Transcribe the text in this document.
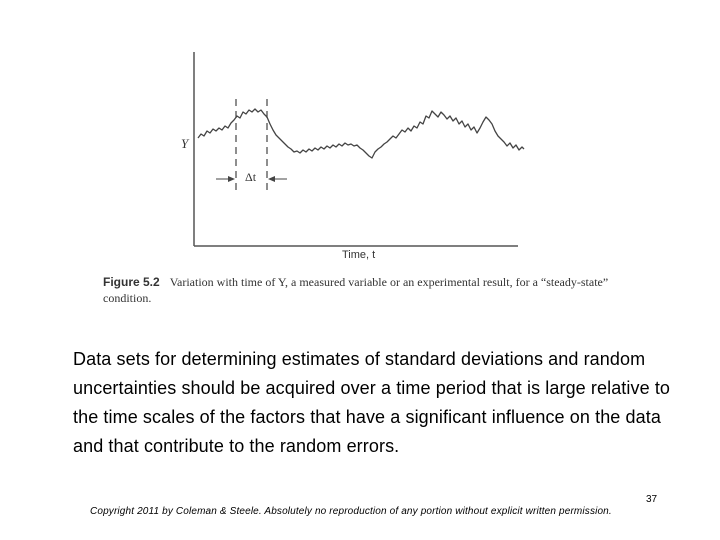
Y
Δt
Time, t
Figure 5.2 Variation with time of Y, a measured variable or an experimental result, for a “steady-state” condition.
Data sets for determining estimates of standard deviations and random uncertainties should be acquired over a time period that is large relative to the time scales of the factors that have a significant influence on the data and that contribute to the random errors.
37
Copyright 2011 by Coleman & Steele. Absolutely no reproduction of any portion without explicit written permission.
